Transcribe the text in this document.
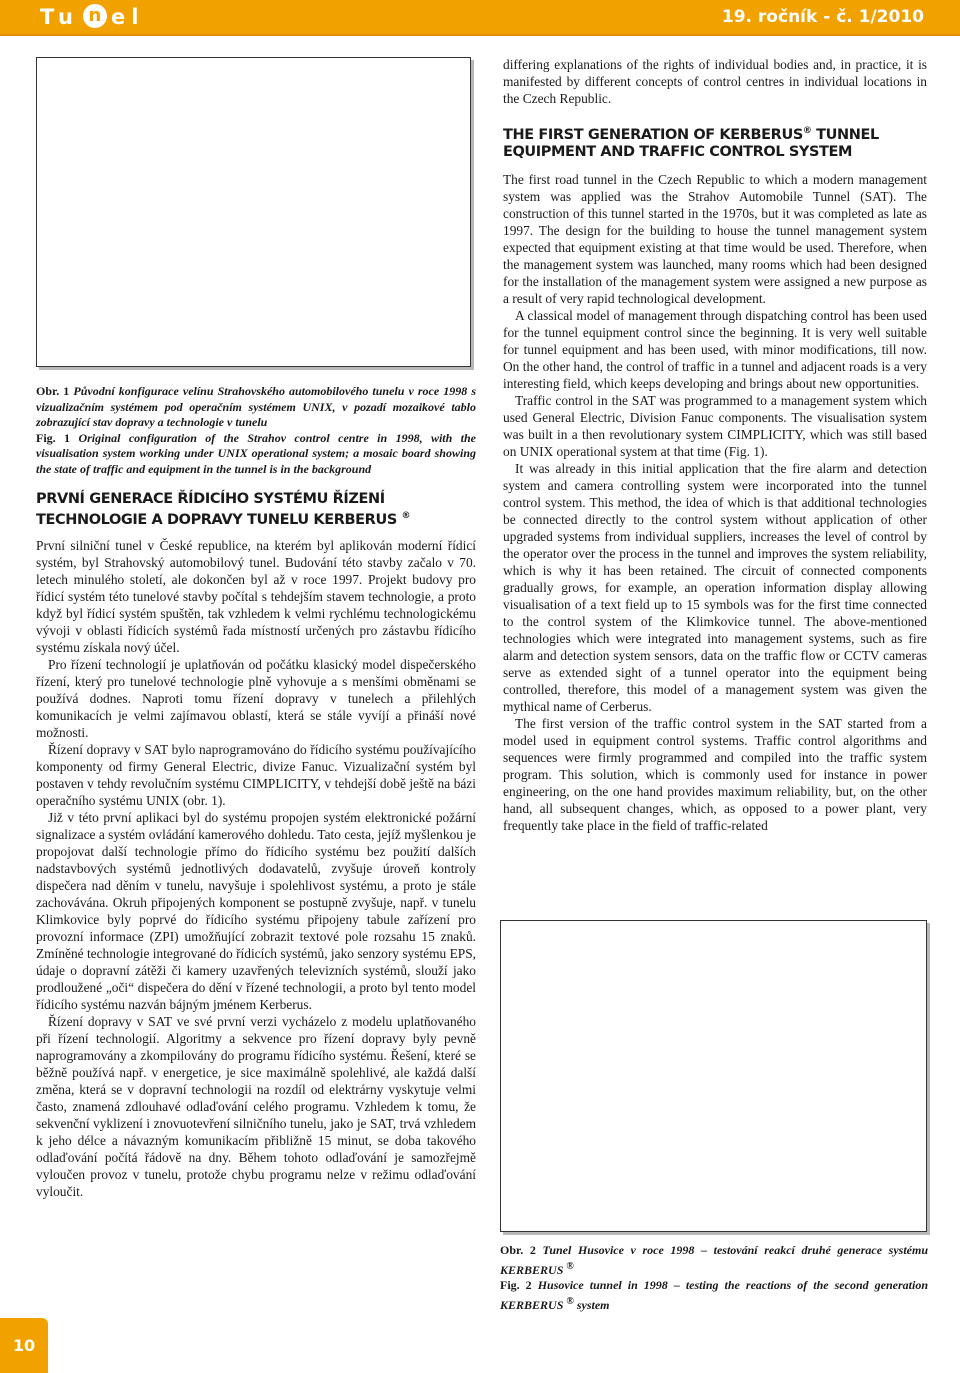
Tu n el	19. ročník - č. 1/2010

Obr. 1 Původní konfigurace velínu Strahovského automobilového tunelu v roce 1998 s vizualizačním systémem pod operačním systémem UNIX, v pozadí mozaikové tablo zobrazující stav dopravy a technologie v tunelu

Fig. 1 Original configuration of the Strahov control centre in 1998, with the visualisation system working under UNIX operational system; a mosaic board showing the state of traffic and equipment in the tunnel is in the background

PRVNÍ GENERACE ŘÍDICÍHO SYSTÉMU ŘÍZENÍ
TECHNOLOGIE A DOPRAVY TUNELU KERBERUS ®

První silniční tunel v České republice, na kterém byl aplikován moderní řídicí systém, byl Strahovský automobilový tunel. Budování této stavby začalo v 70. letech minulého století, ale dokončen byl až v roce 1997. Projekt budovy pro řídicí systém této tunelové stavby počítal s tehdejším stavem technologie, a proto když byl řídicí systém spuštěn, tak vzhledem k velmi rychlému technologickému vývoji v oblasti řídicích systémů řada místností určených pro zástavbu řídicího systému získala nový účel.

Pro řízení technologií je uplatňován od počátku klasický model dispečerského řízení, který pro tunelové technologie plně vyhovuje a s menšími obměnami se používá dodnes. Naproti tomu řízení dopravy v tunelech a přilehlých komunikacích je velmi zajímavou oblastí, která se stále vyvíjí a přináší nové možnosti.

Řízení dopravy v SAT bylo naprogramováno do řídicího systému používajícího komponenty od firmy General Electric, divize Fanuc. Vizualizační systém byl postaven v tehdy revolučním systému CIMPLICITY, v tehdejší době ještě na bázi operačního systému UNIX (obr. 1).

Již v této první aplikaci byl do systému propojen systém elektronické požární signalizace a systém ovládání kamerového dohledu. Tato cesta, jejíž myšlenkou je propojovat další technologie přímo do řídicího systému bez použití dalších nadstavbových systémů jednotlivých dodavatelů, zvyšuje úroveň kontroly dispečera nad děním v tunelu, navyšuje i spolehlivost systému, a proto je stále zachovávána. Okruh připojených komponent se postupně zvyšuje, např. v tunelu Klimkovice byly poprvé do řídicího systému připojeny tabule zařízení pro provozní informace (ZPI) umožňující zobrazit textové pole rozsahu 15 znaků. Zmíněné technologie integrované do řídicích systémů, jako senzory systému EPS, údaje o dopravní zátěži či kamery uzavřených televizních systémů, slouží jako prodloužené „oči“ dispečera do dění v řízené technologii, a proto byl tento model řídicího systému nazván bájným jménem Kerberus.

Řízení dopravy v SAT ve své první verzi vycházelo z modelu uplatňovaného při řízení technologií. Algoritmy a sekvence pro řízení dopravy byly pevně naprogramovány a zkompilovány do programu řídicího systému. Řešení, které se běžně používá např. v energetice, je sice maximálně spolehlivé, ale každá další změna, která se v dopravní technologii na rozdíl od elektrárny vyskytuje velmi často, znamená zdlouhavé odlaďování celého programu. Vzhledem k tomu, že sekvenční vyklizení i znovuotevření silničního tunelu, jako je SAT, trvá vzhledem k jeho délce a návazným komunikacím přibližně 15 minut, se doba takového odlaďování počítá řádově na dny. Během tohoto odlaďování je samozřejmě vyloučen provoz v tunelu, protože chybu programu nelze v režimu odlaďování vyloučit.

differing explanations of the rights of individual bodies and, in practice, it is manifested by different concepts of control centres in individual locations in the Czech Republic.

THE FIRST GENERATION OF KERBERUS® TUNNEL
EQUIPMENT AND TRAFFIC CONTROL SYSTEM

The first road tunnel in the Czech Republic to which a modern management system was applied was the Strahov Automobile Tunnel (SAT). The construction of this tunnel started in the 1970s, but it was completed as late as 1997. The design for the building to house the tunnel management system expected that equipment existing at that time would be used. Therefore, when the management system was launched, many rooms which had been designed for the installation of the management system were assigned a new purpose as a result of very rapid technological development.

A classical model of management through dispatching control has been used for the tunnel equipment control since the beginning. It is very well suitable for tunnel equipment and has been used, with minor modifications, till now. On the other hand, the control of traffic in a tunnel and adjacent roads is a very interesting field, which keeps developing and brings about new opportunities.

Traffic control in the SAT was programmed to a management system which used General Electric, Division Fanuc components. The visualisation system was built in a then revolutionary system CIMPLICITY, which was still based on UNIX operational system at that time (Fig. 1).

It was already in this initial application that the fire alarm and detection system and camera controlling system were incorporated into the tunnel control system. This method, the idea of which is that additional technologies be connected directly to the control system without application of other upgraded systems from individual suppliers, increases the level of control by the operator over the process in the tunnel and improves the system reliability, which is why it has been retained. The circuit of connected components gradually grows, for example, an operation information display allowing visualisation of a text field up to 15 symbols was for the first time connected to the control system of the Klimkovice tunnel. The above-mentioned technologies which were integrated into management systems, such as fire alarm and detection system sensors, data on the traffic flow or CCTV cameras serve as extended sight of a tunnel operator into the equipment being controlled, therefore, this model of a management system was given the mythical name of Cerberus.

The first version of the traffic control system in the SAT started from a model used in equipment control systems. Traffic control algorithms and sequences were firmly programmed and compiled into the traffic system program. This solution, which is commonly used for instance in power engineering, on the one hand provides maximum reliability, but, on the other hand, all subsequent changes, which, as opposed to a power plant, very frequently take place in the field of traffic-related

Obr. 2 Tunel Husovice v roce 1998 – testování reakcí druhé generace systému KERBERUS ®

Fig. 2 Husovice tunnel in 1998 – testing the reactions of the second generation KERBERUS ® system

10
